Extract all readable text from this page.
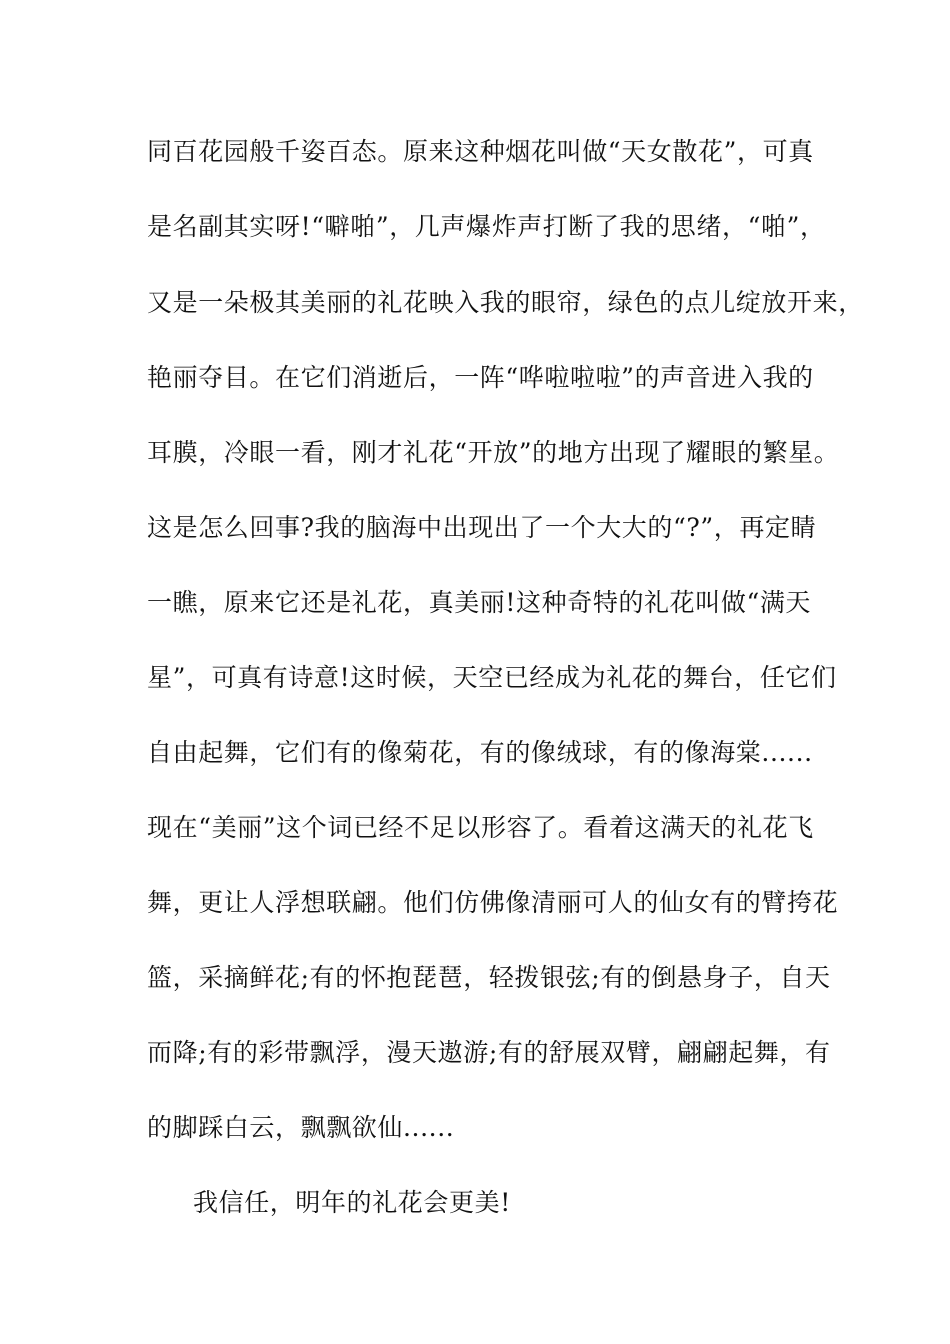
同百花园般千姿百态。原来这种烟花叫做“天女散花”，可真
是名副其实呀!“噼啪”，几声爆炸声打断了我的思绪，“啪”，
又是一朵极其美丽的礼花映入我的眼帘，绿色的点儿绽放开来，
艳丽夺目。在它们消逝后，一阵“哗啦啦啦”的声音进入我的
耳膜，冷眼一看，刚才礼花“开放”的地方出现了耀眼的繁星。
这是怎么回事?我的脑海中出现出了一个大大的“?”，再定睛
一瞧，原来它还是礼花，真美丽!这种奇特的礼花叫做“满天
星”，可真有诗意!这时候，天空已经成为礼花的舞台，任它们
自由起舞，它们有的像菊花，有的像绒球，有的像海棠......
现在“美丽”这个词已经不足以形容了。看着这满天的礼花飞
舞，更让人浮想联翩。他们仿佛像清丽可人的仙女有的臂挎花
篮，采摘鲜花;有的怀抱琵琶，轻拨银弦;有的倒悬身子，自天
而降;有的彩带飘浮，漫天遨游;有的舒展双臂，翩翩起舞，有
的脚踩白云，飘飘欲仙......
我信任，明年的礼花会更美!
